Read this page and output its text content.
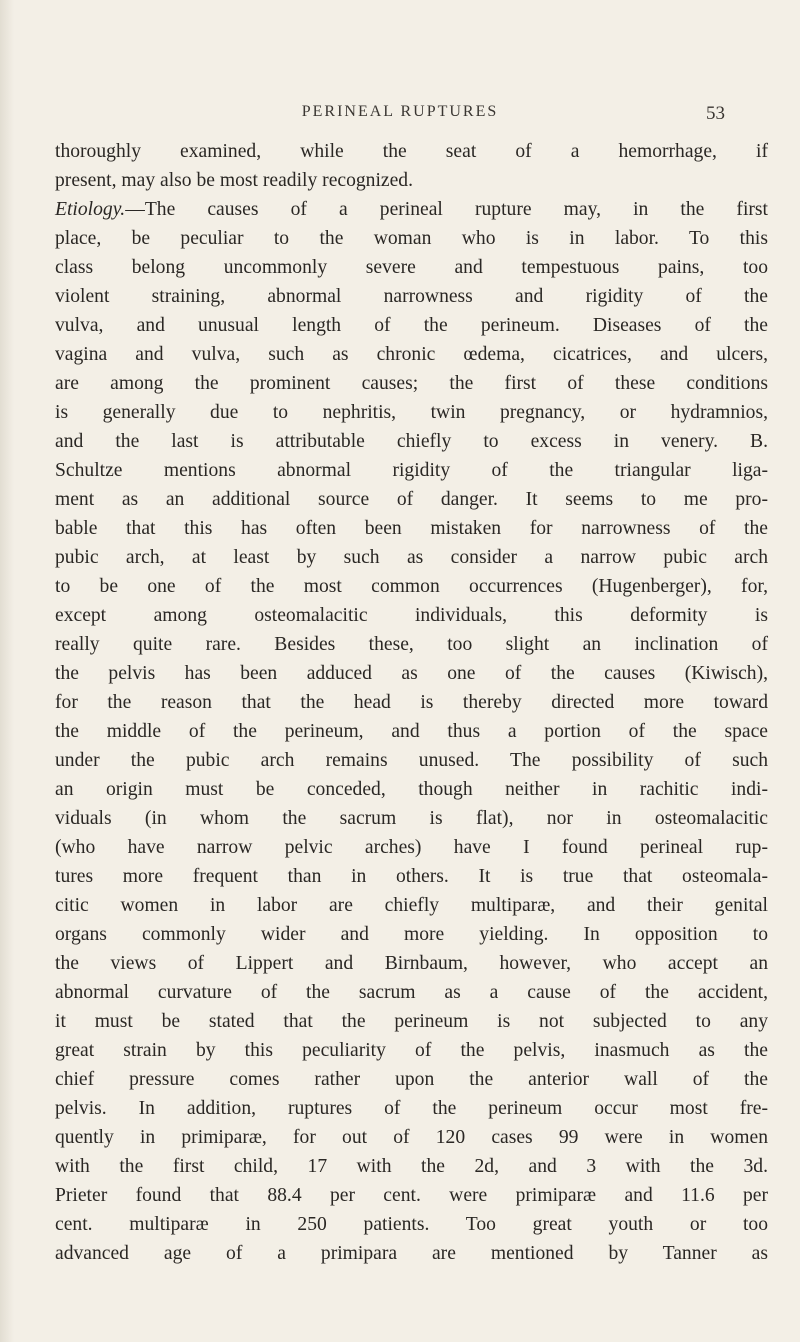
PERINEAL RUPTURES	53
thoroughly examined, while the seat of a hemorrhage, if
present, may also be most readily recognized.
Etiology.—The causes of a perineal rupture may, in the first
place, be peculiar to the woman who is in labor. To this
class belong uncommonly severe and tempestuous pains, too
violent straining, abnormal narrowness and rigidity of the
vulva, and unusual length of the perineum. Diseases of the
vagina and vulva, such as chronic œdema, cicatrices, and ulcers,
are among the prominent causes; the first of these conditions
is generally due to nephritis, twin pregnancy, or hydramnios,
and the last is attributable chiefly to excess in venery. B.
Schultze mentions abnormal rigidity of the triangular liga-
ment as an additional source of danger. It seems to me pro-
bable that this has often been mistaken for narrowness of the
pubic arch, at least by such as consider a narrow pubic arch
to be one of the most common occurrences (Hugenberger), for,
except among osteomalacitic individuals, this deformity is
really quite rare. Besides these, too slight an inclination of
the pelvis has been adduced as one of the causes (Kiwisch),
for the reason that the head is thereby directed more toward
the middle of the perineum, and thus a portion of the space
under the pubic arch remains unused. The possibility of such
an origin must be conceded, though neither in rachitic indi-
viduals (in whom the sacrum is flat), nor in osteomalacitic
(who have narrow pelvic arches) have I found perineal rup-
tures more frequent than in others. It is true that osteomala-
citic women in labor are chiefly multiparæ, and their genital
organs commonly wider and more yielding. In opposition to
the views of Lippert and Birnbaum, however, who accept an
abnormal curvature of the sacrum as a cause of the accident,
it must be stated that the perineum is not subjected to any
great strain by this peculiarity of the pelvis, inasmuch as the
chief pressure comes rather upon the anterior wall of the
pelvis. In addition, ruptures of the perineum occur most fre-
quently in primiparæ, for out of 120 cases 99 were in women
with the first child, 17 with the 2d, and 3 with the 3d.
Prieter found that 88.4 per cent. were primiparæ and 11.6 per
cent. multiparæ in 250 patients. Too great youth or too
advanced age of a primipara are mentioned by Tanner as
